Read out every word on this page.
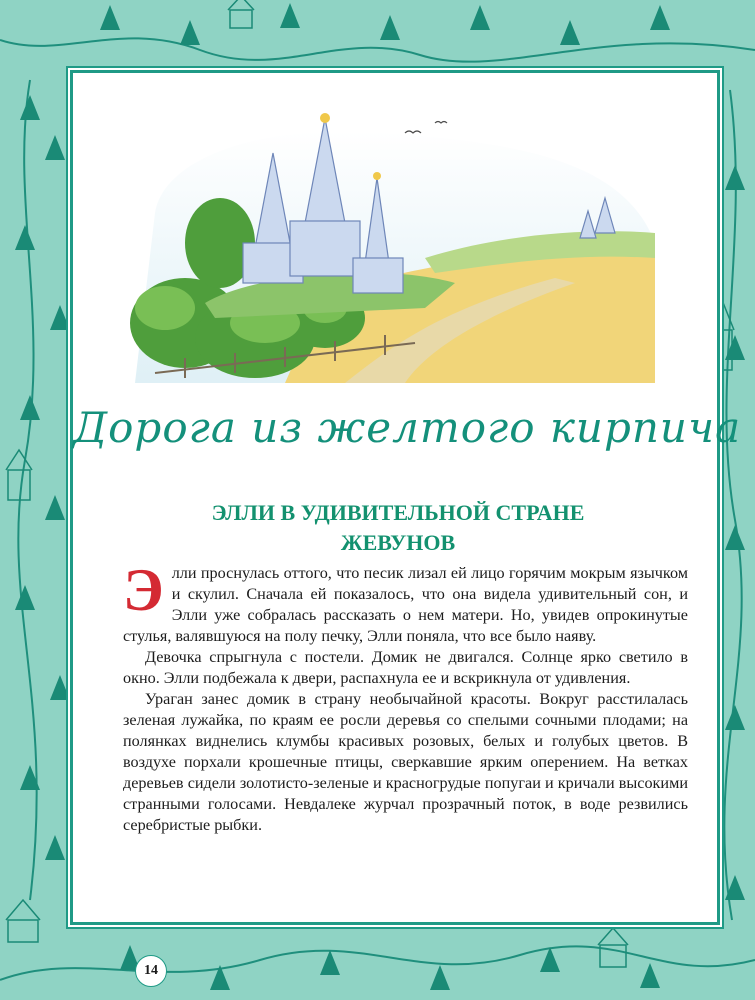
Дорога из желтого кирпича
ЭЛЛИ В УДИВИТЕЛЬНОЙ СТРАНЕ
ЖЕВУНОВ

Элли проснулась оттого, что песик лизал ей лицо горячим мокрым язычком и скулил. Сначала ей показалось, что она видела удивительный сон, и Элли уже собралась рассказать о нем матери. Но, увидев опрокинутые стулья, валявшуюся на полу печку, Элли поняла, что все было наяву.

Девочка спрыгнула с постели. Домик не двигался. Солнце ярко светило в окно. Элли подбежала к двери, распахнула ее и вскрикнула от удивления.

Ураган занес домик в страну необычайной красоты. Вокруг расстилалась зеленая лужайка, по краям ее росли деревья со спелыми сочными плодами; на полянках виднелись клумбы красивых розовых, белых и голубых цветов. В воздухе порхали крошечные птицы, сверкавшие ярким оперением. На ветках деревьев сидели золотисто-зеленые и красногрудые попугаи и кричали высокими странными голосами. Невдалеке журчал прозрачный поток, в воде резвились серебристые рыбки.

14
